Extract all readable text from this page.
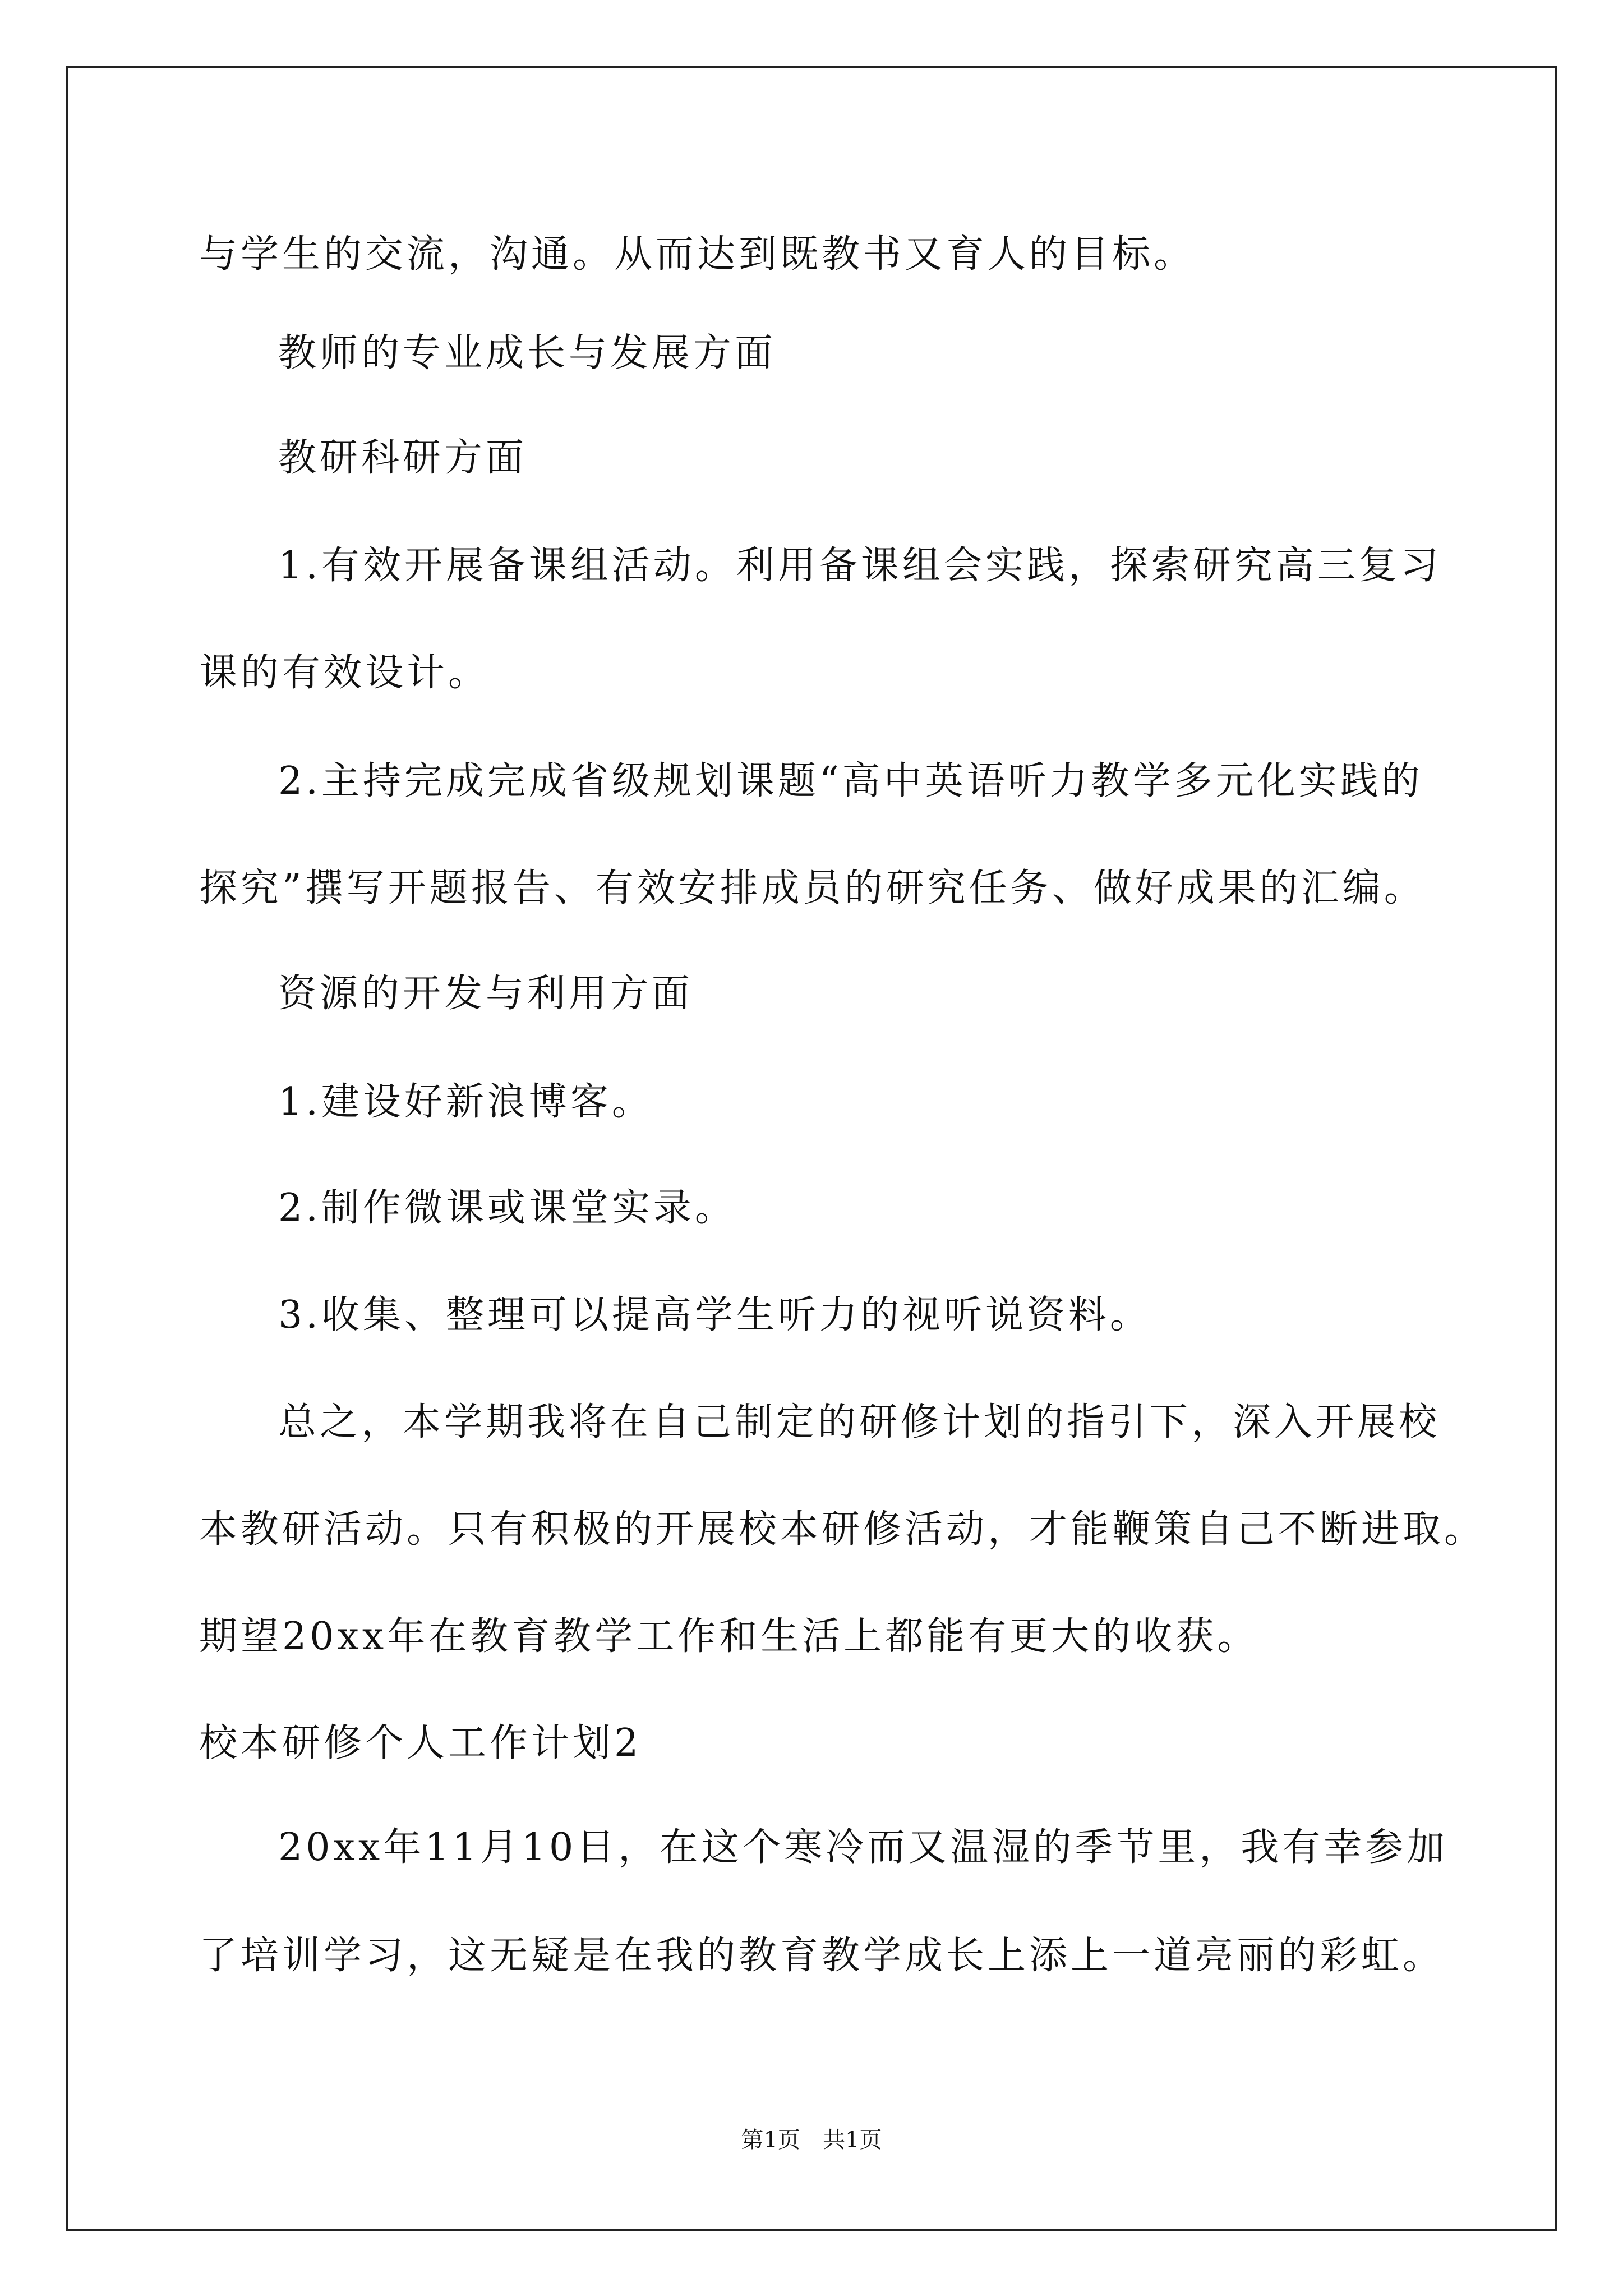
与学生的交流，沟通。从而达到既教书又育人的目标。

教师的专业成长与发展方面

教研科研方面

1.有效开展备课组活动。利用备课组会实践，探索研究高三复习

课的有效设计。

2.主持完成完成省级规划课题“高中英语听力教学多元化实践的

探究”撰写开题报告、有效安排成员的研究任务、做好成果的汇编。

资源的开发与利用方面

1.建设好新浪博客。

2.制作微课或课堂实录。

3.收集、整理可以提高学生听力的视听说资料。

总之，本学期我将在自己制定的研修计划的指引下，深入开展校

本教研活动。只有积极的开展校本研修活动，才能鞭策自己不断进取。

期望20xx年在教育教学工作和生活上都能有更大的收获。

校本研修个人工作计划2

20xx年11月10日，在这个寒冷而又温湿的季节里，我有幸参加

了培训学习，这无疑是在我的教育教学成长上添上一道亮丽的彩虹。

第1页　共1页
